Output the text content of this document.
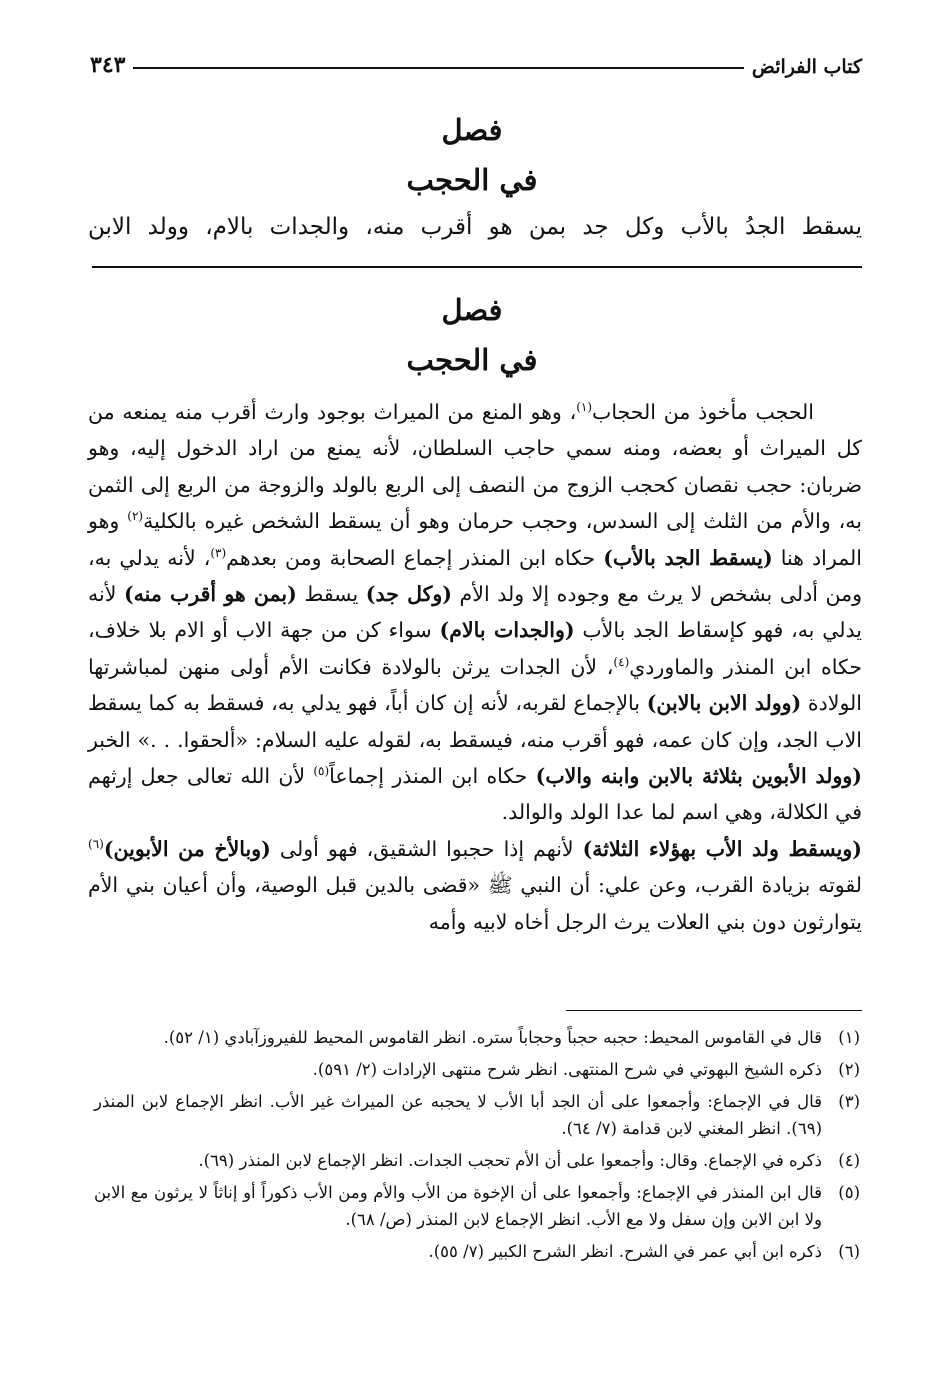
كتاب الفرائض
٣٤٣
فصل
في الحجب
يسقط الجدُ بالأب وكل جد بمن هو أقرب منه، والجدات بالام، وولد الابن
فصل
في الحجب

الحجب مأخوذ من الحجاب$^{(١)}$، وهو المنع من الميراث بوجود وارث أقرب منه يمنعه من كل الميراث أو بعضه، ومنه سمي حاجب السلطان، لأنه يمنع من اراد الدخول إليه، وهو ضربان: حجب نقصان كحجب الزوج من النصف إلى الربع بالولد والزوجة من الربع إلى الثمن به، والأم من الثلث إلى السدس، وحجب حرمان وهو أن يسقط الشخص غيره بالكلية$^{(٢)}$ وهو المراد هنا (يسقط الجد بالأب) حكاه ابن المنذر إجماع الصحابة ومن بعدهم$^{(٣)}$، لأنه يدلي به، ومن أدلى بشخص لا يرث مع وجوده إلا ولد الأم (وكل جد) يسقط (بمن هو أقرب منه) لأنه يدلي به، فهو كإسقاط الجد بالأب (والجدات بالام) سواء كن من جهة الاب أو الام بلا خلاف، حكاه ابن المنذر والماوردي$^{(٤)}$، لأن الجدات يرثن بالولادة فكانت الأم أولى منهن لمباشرتها الولادة (وولد الابن بالابن) بالإجماع لقربه، لأنه إن كان أباً، فهو يدلي به، فسقط به كما يسقط الاب الجد، وإن كان عمه، فهو أقرب منه، فيسقط به، لقوله عليه السلام: «ألحقوا. . .» الخبر (وولد الأبوين بثلاثة بالابن وابنه والاب) حكاه ابن المنذر إجماعاً$^{(٥)}$ لأن الله تعالى جعل إرثهم في الكلالة، وهي اسم لما عدا الولد والوالد.

(ويسقط ولد الأب بهؤلاء الثلاثة) لأنهم إذا حجبوا الشقيق، فهو أولى (وبالأخ من الأبوين)$^{(٦)}$ لقوته بزيادة القرب، وعن علي: أن النبي ﷺ «قضى بالدين قبل الوصية، وأن أعيان بني الأم يتوارثون دون بني العلات يرث الرجل أخاه لابيه وأمه

(١)
قال في القاموس المحيط: حجبه حجباً وحجاباً ستره. انظر القاموس المحيط للفيروزآبادي (١/ ٥٢).
(٢)
ذكره الشيخ البهوتي في شرح المنتهى. انظر شرح منتهى الإرادات (٢/ ٥٩١).
(٣)
قال في الإجماع: وأجمعوا على أن الجد أبا الأب لا يحجبه عن الميراث غير الأب. انظر الإجماع لابن المنذر (٦٩). انظر المغني لابن قدامة (٧/ ٦٤).
(٤)
ذكره في الإجماع. وقال: وأجمعوا على أن الأم تحجب الجدات. انظر الإجماع لابن المنذر (٦٩).
(٥)
قال ابن المنذر في الإجماع: وأجمعوا على أن الإخوة من الأب والأم ومن الأب ذكوراً أو إناثاً لا يرثون مع الابن ولا ابن الابن وإن سفل ولا مع الأب. انظر الإجماع لابن المنذر (ص/ ٦٨).
(٦)
ذكره ابن أبي عمر في الشرح. انظر الشرح الكبير (٧/ ٥٥).
